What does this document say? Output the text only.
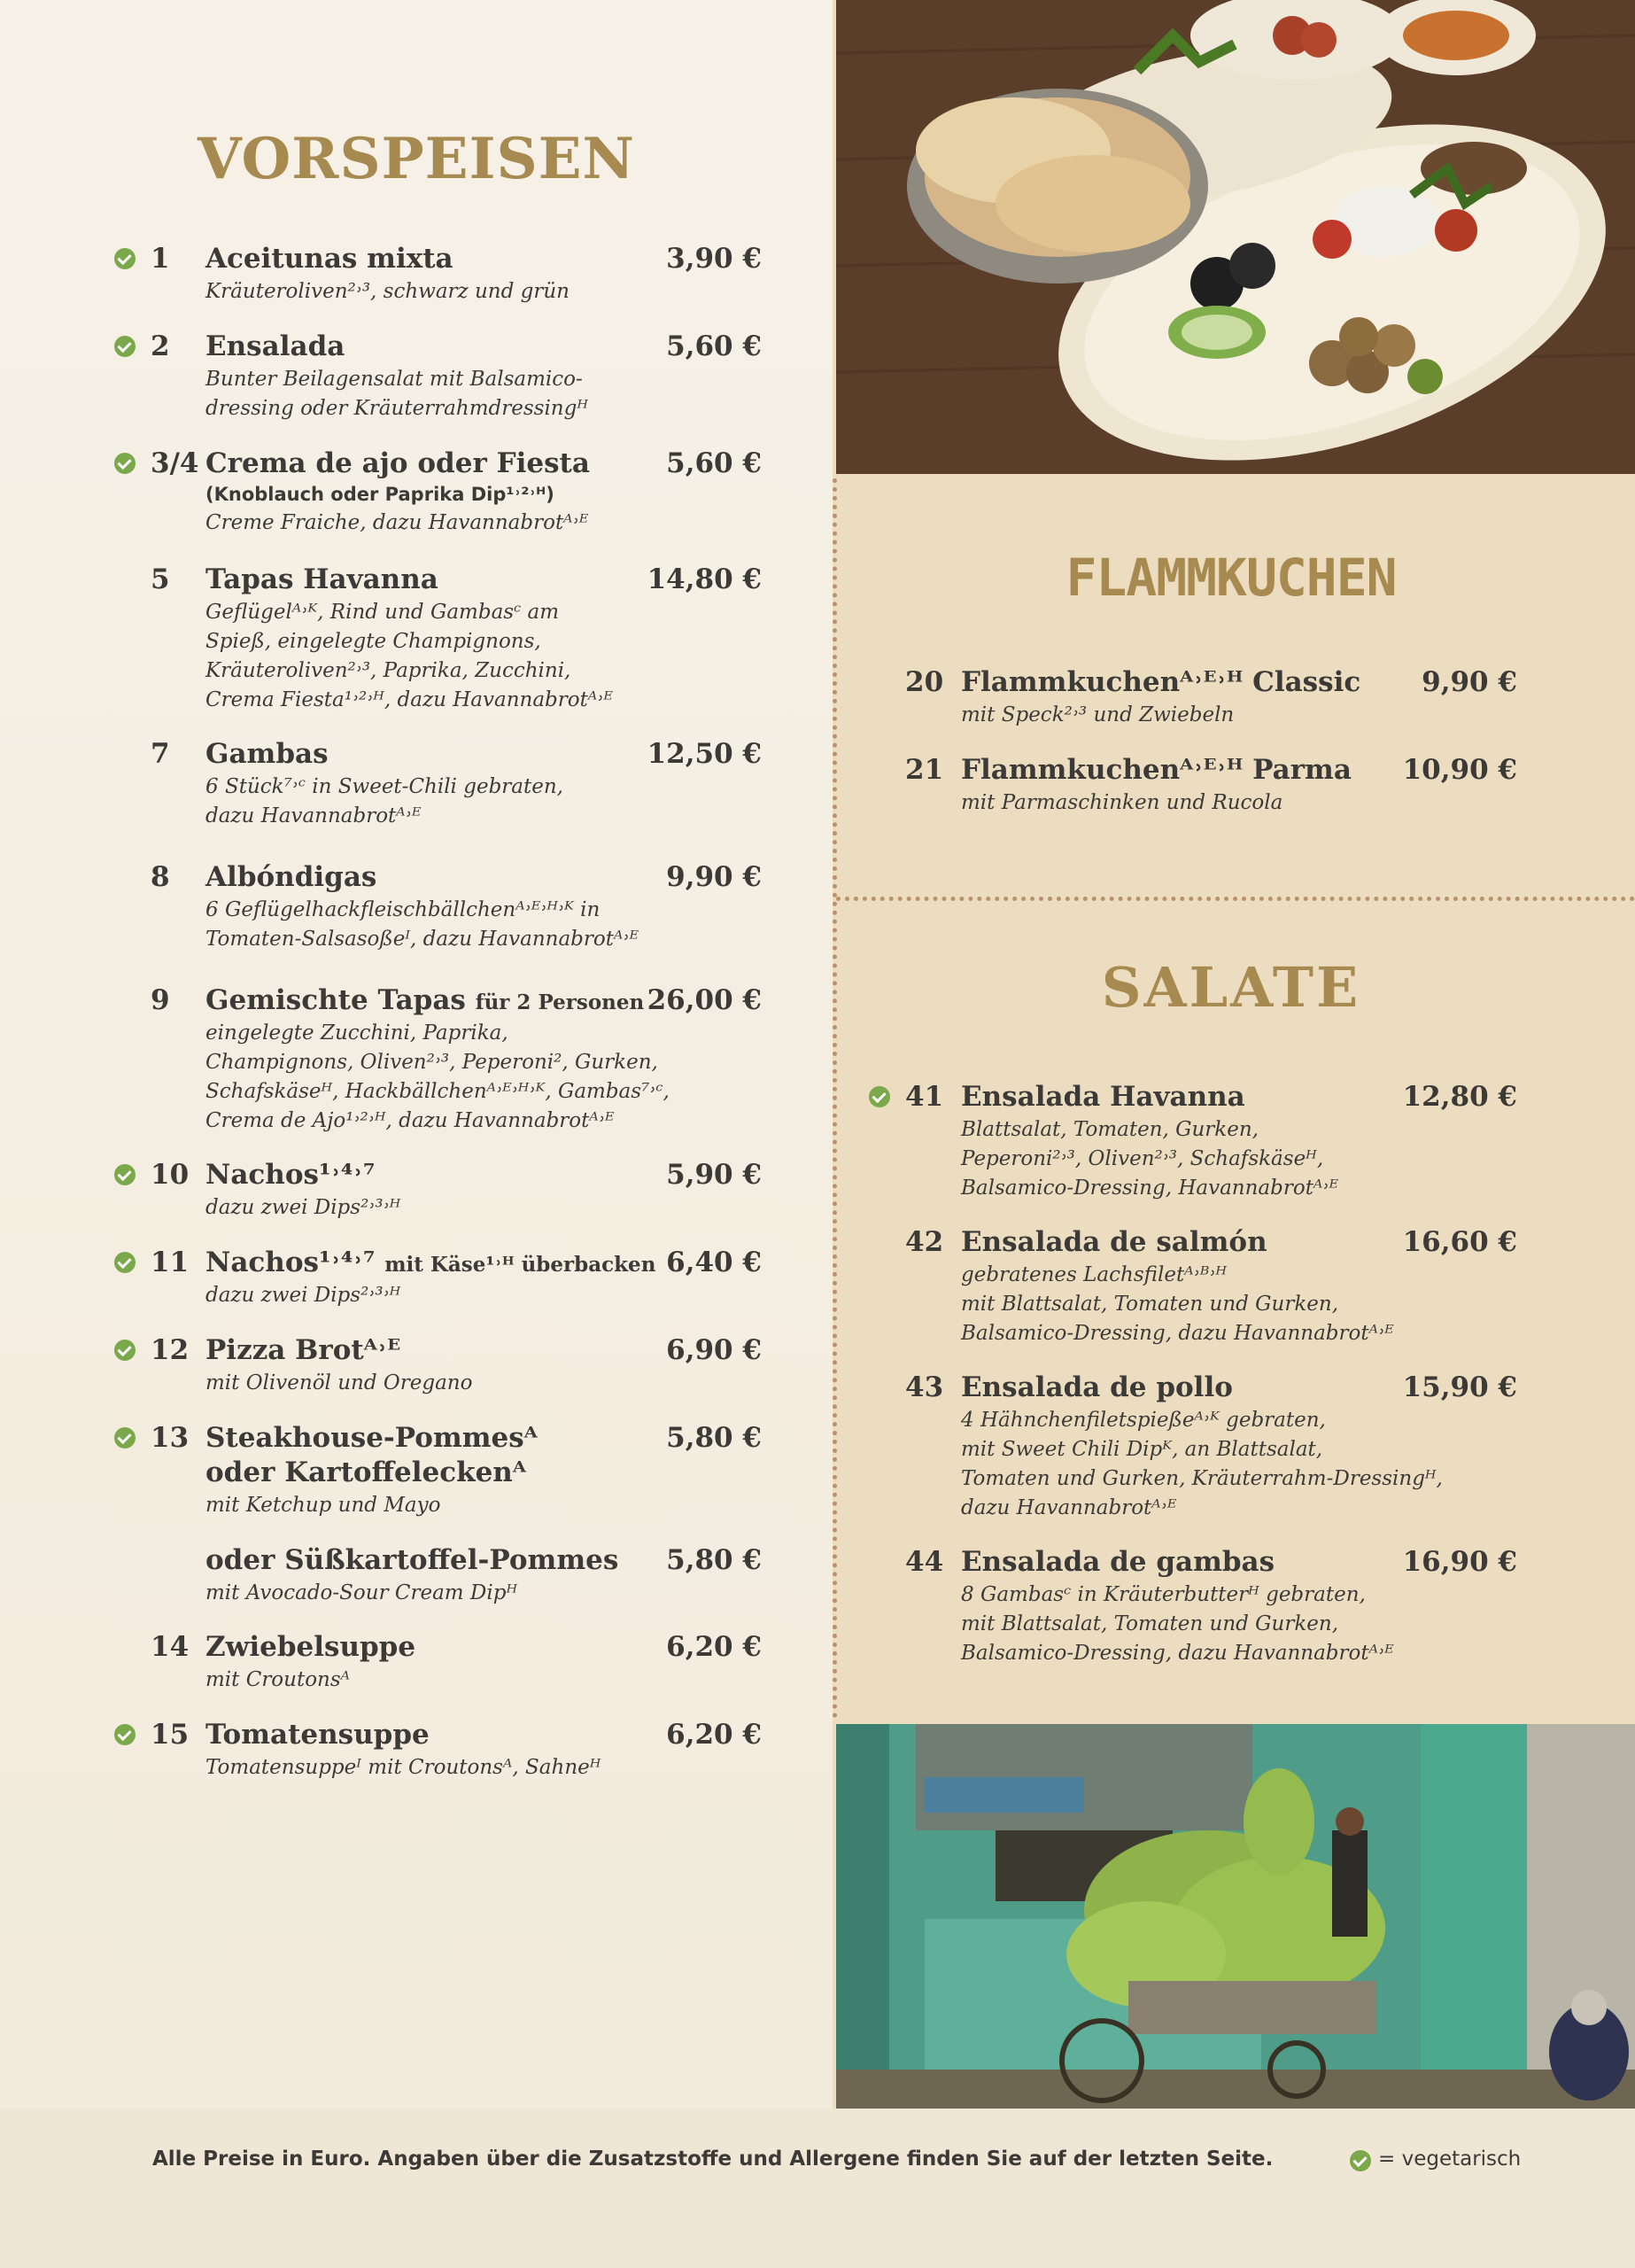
VORSPEISEN
FLAMMKUCHEN
SALATE
1 Aceitunas mixta	3,90 €
Kräuteroliven²˒³, schwarz und grün
2 Ensalada	5,60 €
Bunter Beilagensalat mit Balsamico-
dressing oder Kräuterrahmdressingᴴ
3/4 Crema de ajo oder Fiesta	5,60 €
(Knoblauch oder Paprika Dip¹˒²˒ᴴ)
Creme Fraiche, dazu Havannabrotᴬ˒ᴱ
5 Tapas Havanna	14,80 €
Geflügelᴬ˒ᴷ, Rind und Gambasᶜ am
Spieß, eingelegte Champignons,
Kräuteroliven²˒³, Paprika, Zucchini,
Crema Fiesta¹˒²˒ᴴ, dazu Havannabrotᴬ˒ᴱ
7 Gambas	12,50 €
6 Stück⁷˒ᶜ in Sweet-Chili gebraten,
dazu Havannabrotᴬ˒ᴱ
8 Albóndigas	9,90 €
6 Geflügelhackfleischbällchenᴬ˒ᴱ˒ᴴ˒ᴷ in
Tomaten-Salsasoßeᴵ, dazu Havannabrotᴬ˒ᴱ
9 Gemischte Tapas für 2 Personen 26,00 €
eingelegte Zucchini, Paprika,
Champignons, Oliven²˒³, Peperoni², Gurken,
Schafskäseᴴ, Hackbällchenᴬ˒ᴱ˒ᴴ˒ᴷ, Gambas⁷˒ᶜ,
Crema de Ajo¹˒²˒ᴴ, dazu Havannabrotᴬ˒ᴱ
10 Nachos¹˒⁴˒⁷	5,90 €
dazu zwei Dips²˒³˒ᴴ
11 Nachos¹˒⁴˒⁷ mit Käse¹˒ᴴ überbacken 6,40 €
dazu zwei Dips²˒³˒ᴴ
12 Pizza Brotᴬ˒ᴱ	6,90 €
mit Olivenöl und Oregano
13 Steakhouse-Pommesᴬ
oder Kartoffeleckenᴬ
5,80 €
mit Ketchup und Mayo
oder Süßkartoffel-Pommes	5,80 €
mit Avocado-Sour Cream Dipᴴ
14 Zwiebelsuppe	6,20 €
mit Croutonsᴬ
15 Tomatensuppe	6,20 €
Tomatensuppeᴵ mit Croutonsᴬ, Sahneᴴ
20 Flammkuchenᴬ˒ᴱ˒ᴴ Classic	9,90 €
mit Speck²˒³ und Zwiebeln
21 Flammkuchenᴬ˒ᴱ˒ᴴ Parma	10,90 €
mit Parmaschinken und Rucola
41 Ensalada Havanna	12,80 €
Blattsalat, Tomaten, Gurken,
Peperoni²˒³, Oliven²˒³, Schafskäseᴴ,
Balsamico-Dressing, Havannabrotᴬ˒ᴱ
42 Ensalada de salmón	16,60 €
gebratenes Lachsfiletᴬ˒ᴮ˒ᴴ
mit Blattsalat, Tomaten und Gurken,
Balsamico-Dressing, dazu Havannabrotᴬ˒ᴱ
43 Ensalada de pollo	15,90 €
4 Hähnchenfiletspießeᴬ˒ᴷ gebraten,
mit Sweet Chili Dipᴷ, an Blattsalat,
Tomaten und Gurken, Kräuterrahm-Dressingᴴ,
dazu Havannabrotᴬ˒ᴱ
44 Ensalada de gambas	16,90 €
8 Gambasᶜ in Kräuterbutterᴴ gebraten,
mit Blattsalat, Tomaten und Gurken,
Balsamico-Dressing, dazu Havannabrotᴬ˒ᴱ
Alle Preise in Euro. Angaben über die Zusatzstoffe und Allergene finden Sie auf der letzten Seite.	= vegetarisch
